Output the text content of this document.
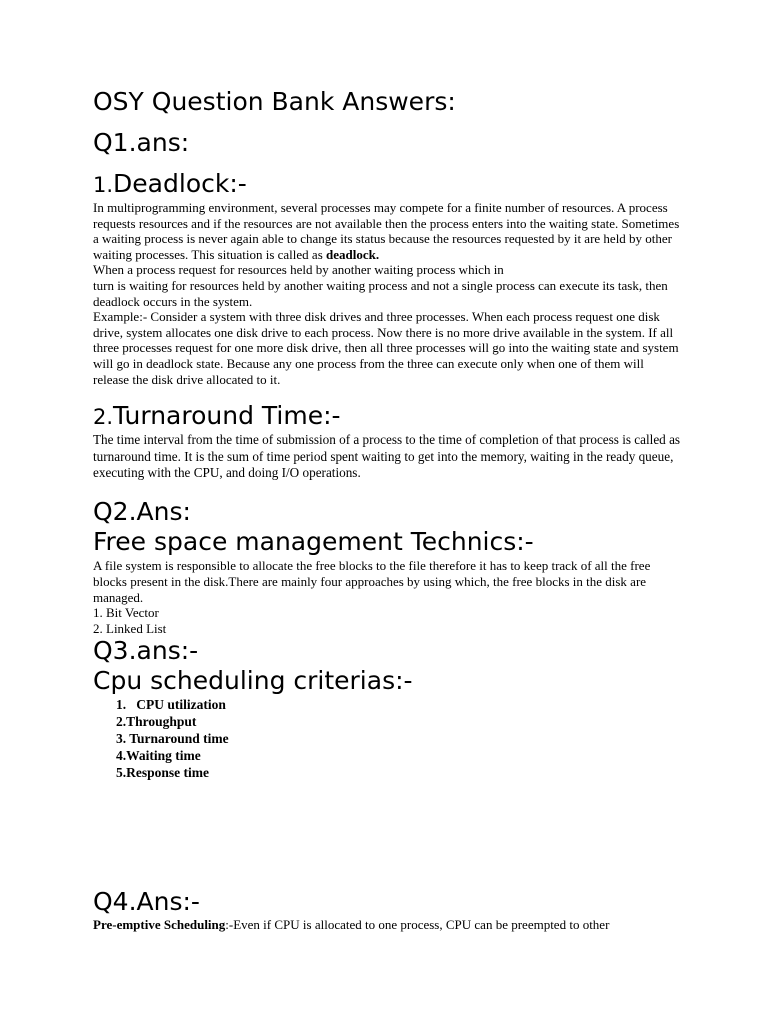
OSY Question Bank Answers:
Q1.ans:
1.Deadlock:-

In multiprogramming environment, several processes may compete for a finite number of resources. A process requests resources and if the resources are not available then the process enters into the waiting state. Sometimes a waiting process is never again able to change its status because the resources requested by it are held by other waiting processes. This situation is called as deadlock.
When a process request for resources held by another waiting process which in
turn is waiting for resources held by another waiting process and not a single process can execute its task, then deadlock occurs in the system.
Example:- Consider a system with three disk drives and three processes. When each process request one disk drive, system allocates one disk drive to each process. Now there is no more drive available in the system. If all three processes request for one more disk drive, then all three processes will go into the waiting state and system will go in deadlock state. Because any one process from the three can execute only when one of them will release the disk drive allocated to it.

2.Turnaround Time:-

The time interval from the time of submission of a process to the time of completion of that process is called as turnaround time. It is the sum of time period spent waiting to get into the memory, waiting in the ready queue, executing with the CPU, and doing I/O operations.

Q2.Ans:
Free space management Technics:-

A file system is responsible to allocate the free blocks to the file therefore it has to keep track of all the free blocks present in the disk.There are mainly four approaches by using which, the free blocks in the disk are managed.

1. Bit Vector

2. Linked List

Q3.ans:-
Cpu scheduling criterias:-
1.   CPU utilization
2.Throughput
3. Turnaround time
4.Waiting time
5.Response time
Q4.Ans:-

Pre-emptive Scheduling:-Even if CPU is allocated to one process, CPU can be preempted to other
